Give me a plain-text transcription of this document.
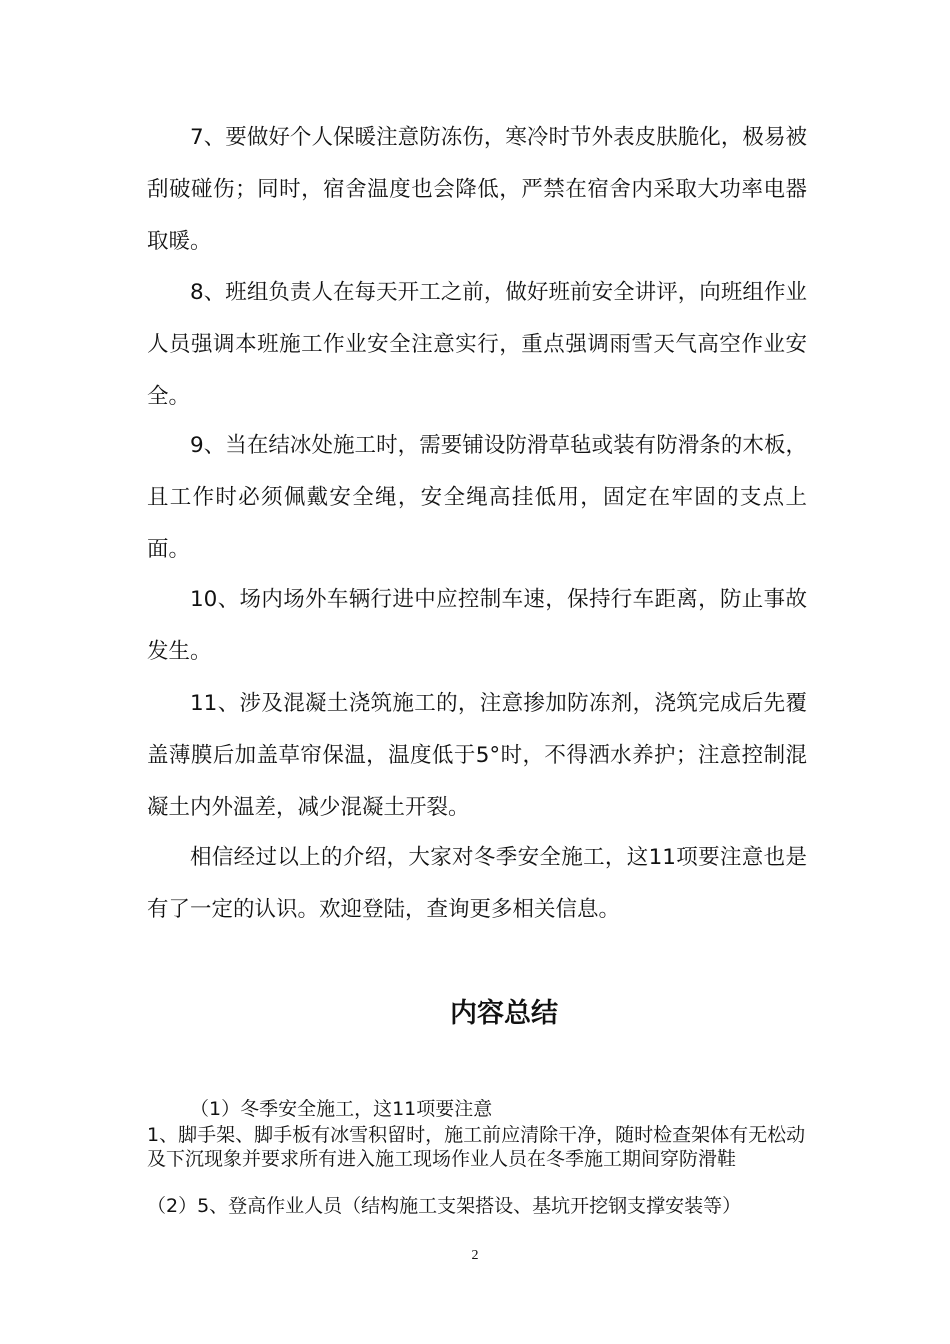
7、要做好个人保暖注意防冻伤，寒冷时节外表皮肤脆化，极易被刮破碰伤；同时，宿舍温度也会降低，严禁在宿舍内采取大功率电器取暖。

8、班组负责人在每天开工之前，做好班前安全讲评，向班组作业人员强调本班施工作业安全注意实行，重点强调雨雪天气高空作业安全。

9、当在结冰处施工时，需要铺设防滑草毡或装有防滑条的木板，且工作时必须佩戴安全绳，安全绳高挂低用，固定在牢固的支点上面。

10、场内场外车辆行进中应控制车速，保持行车距离，防止事故发生。

11、涉及混凝土浇筑施工的，注意掺加防冻剂，浇筑完成后先覆盖薄膜后加盖草帘保温，温度低于5°时，不得洒水养护；注意控制混凝土内外温差，减少混凝土开裂。

相信经过以上的介绍，大家对冬季安全施工，这11项要注意也是有了一定的认识。欢迎登陆，查询更多相关信息。

内容总结

（1）冬季安全施工，这11项要注意

1、脚手架、脚手板有冰雪积留时，施工前应清除干净，随时检查架体有无松动及下沉现象并要求所有进入施工现场作业人员在冬季施工期间穿防滑鞋

（2）5、登高作业人员（结构施工支架搭设、基坑开挖钢支撑安装等）

2
